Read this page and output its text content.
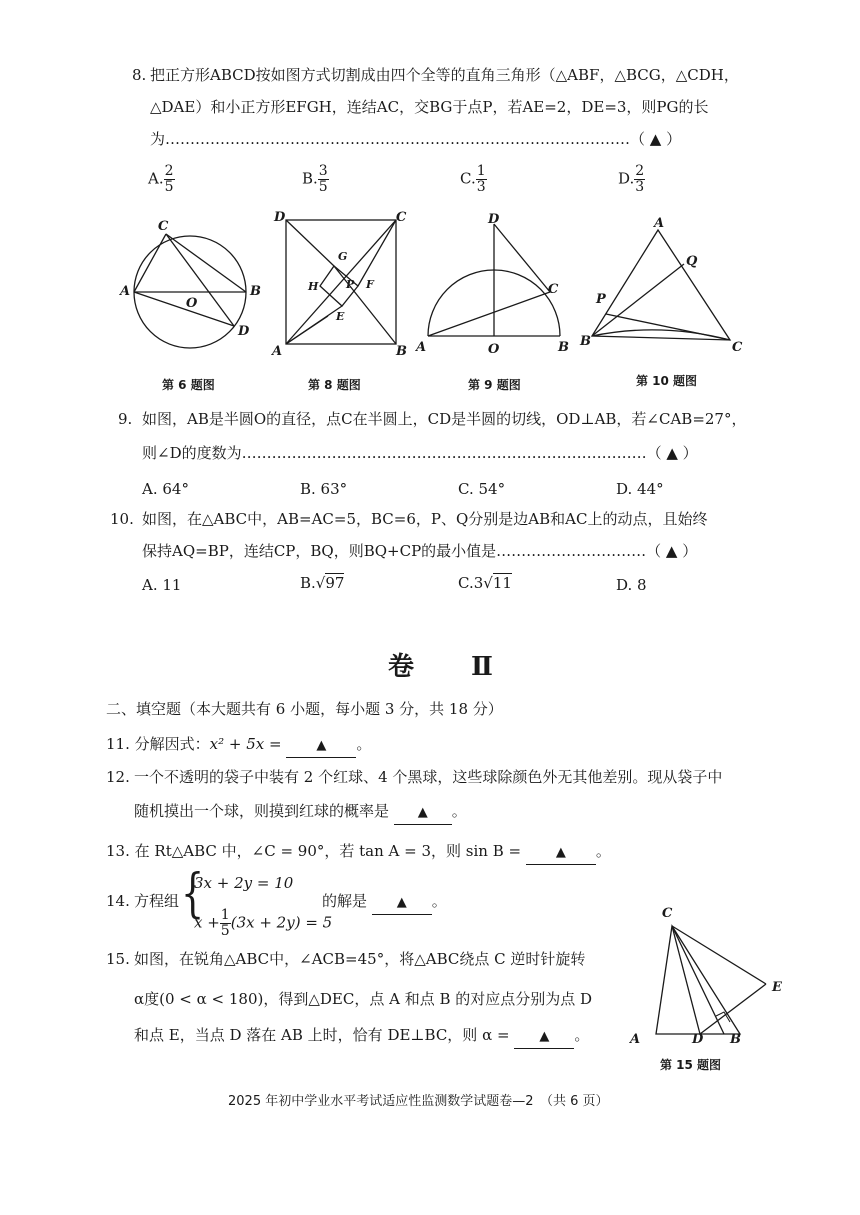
8. 把正方形ABCD按如图方式切割成由四个全等的直角三角形（△ABF，△BCG，△CDH，
△DAE）和小正方形EFGH，连结AC，交BG于点P，若AE=2，DE=3，则PG的长
为…………………………………………………………………………………（ ▲ ）
A. $\frac{2}{5}$	B. $\frac{3}{5}$	C. $\frac{1}{3}$	D. $\frac{2}{3}$
C
A	B
O
D
D	C
A	B
G
H	P F
E
D
C
A	O	B
A
Q
P
B	C
第 6 题图	第 8 题图	第 9 题图	第 10 题图
9. 如图，AB是半圆O的直径，点C在半圆上，CD是半圆的切线，OD⊥AB，若∠CAB=27°，
则∠D的度数为………………………………………………………………………（ ▲ ）
A. 64°	B. 63°	C. 54°	D. 44°
10. 如图，在△ABC中，AB=AC=5，BC=6，P、Q分别是边AB和AC上的动点，且始终
保持AQ=BP，连结CP，BQ，则BQ+CP的最小值是…………………………（ ▲ ）
A. 11	B.√97	C.3√11	D. 8
卷 Ⅱ
二、填空题（本大题共有 6 小题，每小题 3 分，共 18 分）
11. 分解因式：x² + 5x =	▲ 。
12. 一个不透明的袋子中装有 2 个红球、4 个黑球，这些球除颜色外无其他差别。现从袋子中
随机摸出一个球，则摸到红球的概率是 ▲ 。
13. 在 Rt△ABC 中，∠C = 90°，若 tan A = 3，则 sin B =	▲ 。
14. 方程组 {
3x + 2y = 10
$x + \frac{1}{5} (3x + 2y) = 5$
的解是 ▲ 。
15. 如图，在锐角△ABC中，∠ACB=45°，将△ABC绕点 C 逆时针旋转
α度(0 < α < 180)，得到△DEC，点 A 和点 B 的对应点分别为点 D
和点 E，当点 D 落在 AB 上时，恰有 DE⊥BC，则 α = ▲ 。
C
E
A	D B
第 15 题图
2025 年初中学业水平考试适应性监测数学试题卷—2　（共 6 页）
